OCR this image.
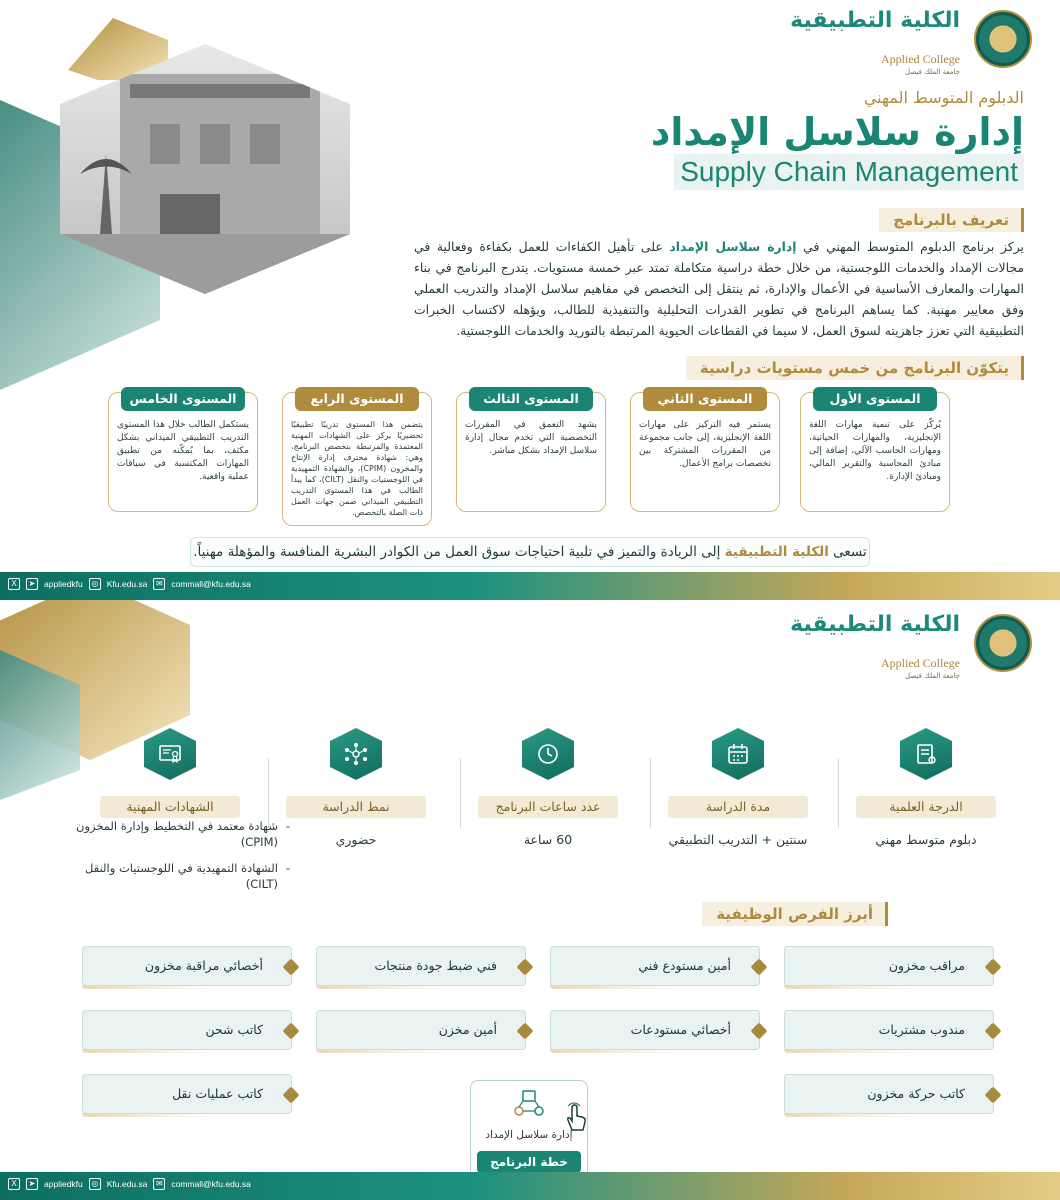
الكلية التطبيقية
Applied College
جامعة الملك فيصل
الدبلوم المتوسط المهني
إدارة سلاسل الإمداد
Supply Chain Management
تعريف بالبرنامج

يركز برنامج الدبلوم المتوسط المهني في إدارة سلاسل الإمداد على تأهيل الكفاءات للعمل بكفاءة وفعالية في مجالات الإمداد والخدمات اللوجستية، من خلال خطة دراسية متكاملة تمتد عبر خمسة مستويات. يتدرج البرنامج في بناء المهارات والمعارف الأساسية في الأعمال والإدارة، ثم ينتقل إلى التخصص في مفاهيم سلاسل الإمداد والتدريب العملي وفق معايير مهنية. كما يساهم البرنامج في تطوير القدرات التحليلية والتنفيذية للطالب، ويؤهله لاكتساب الخبرات التطبيقية التي تعزز جاهزيته لسوق العمل، لا سيما في القطاعات الحيوية المرتبطة بالتوريد والخدمات اللوجستية.

يتكوّن البرنامج من خمس مستويات دراسية
المستوى الأول
يُركّز على تنمية مهارات اللغة الإنجليزية، والمهارات الحياتية، ومهارات الحاسب الآلي، إضافة إلى مبادئ المحاسبة والتقرير المالي، ومبادئ الإدارة.
المستوى الثاني
يستمر فيه التركيز على مهارات اللغة الإنجليزية، إلى جانب مجموعة من المقررات المشتركة بين تخصصات برامج الأعمال.
المستوى الثالث
يشهد التعمق في المقررات التخصصية التي تخدم مجال إدارة سلاسل الإمداد بشكل مباشر.
المستوى الرابع
يتضمن هذا المستوى تدريبًا تطبيقيًا تحضيريًا يركز على الشهادات المهنية المعتمدة والمرتبطة بتخصص البرنامج، وهي: شهادة محترف إدارة الإنتاج والمخزون (CPIM)، والشهادة التمهيدية في اللوجستيات والنقل (CILT)، كما يبدأ الطالب في هذا المستوى التدريب التطبيقي الميداني ضمن جهات العمل ذات الصلة بالتخصص.
المستوى الخامس
يستكمل الطالب خلال هذا المستوى التدريب التطبيقي الميداني بشكل مكثف، بما يُمكّنه من تطبيق المهارات المكتسبة في سياقات عملية واقعية.
تسعى الكلية التطبيقية إلى الريادة والتميز في تلبية احتياجات سوق العمل من الكوادر البشرية المنافسة والمؤهلة مهنياً.
X	➤	appliedkfu	◎ Kfu.edu.sa	✉	commall@kfu.edu.sa
الكلية التطبيقية
Applied College
جامعة الملك فيصل
الدرجة العلمية
دبلوم متوسط مهني
مدة الدراسة
سنتين + التدريب التطبيقي
عدد ساعات البرنامج
60 ساعة
نمط الدراسة
حضوري
الشهادات المهنية
- شهادة معتمد في التخطيط وإدارة المخزون (CPIM)
- الشهادة التمهيدية في اللوجستيات والنقل (CILT)
أبرز الفرص الوظيفية
مراقب مخزون
أمين مستودع فني
فني ضبط جودة منتجات
أخصائي مراقبة مخزون
مندوب مشتريات
أخصائي مستودعات
أمين مخزن
كاتب شحن
كاتب حركة مخزون
كاتب عمليات نقل
إدارة سلاسل الإمداد
خطة البرنامج
X	➤	appliedkfu	◎ Kfu.edu.sa	✉	commall@kfu.edu.sa
